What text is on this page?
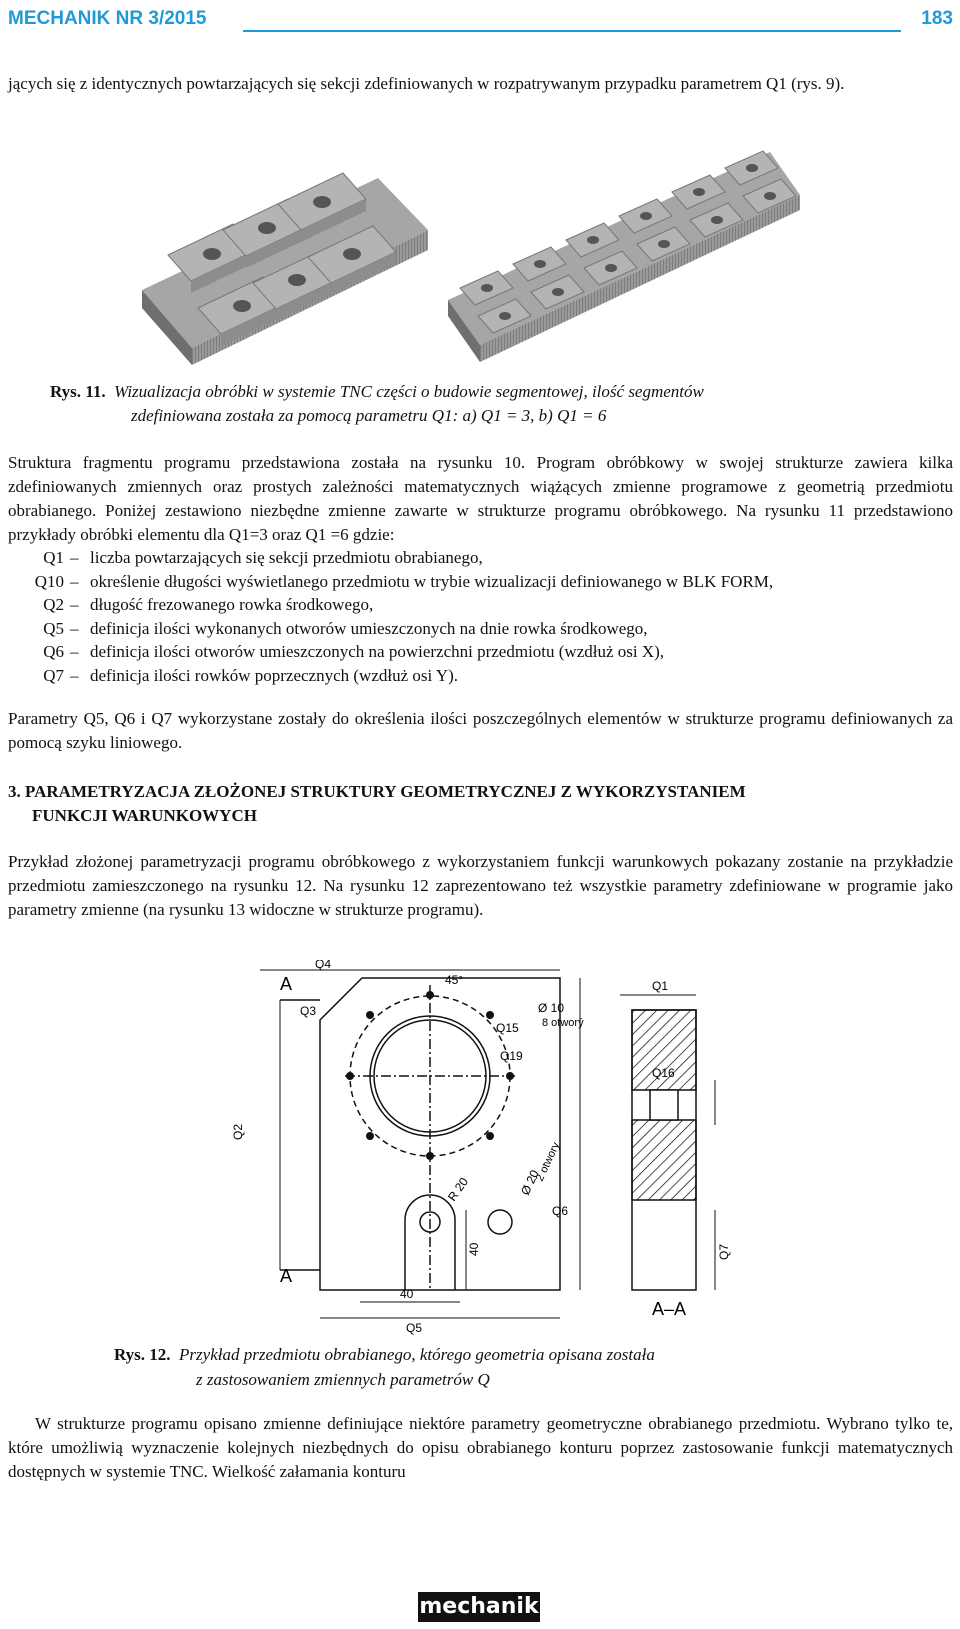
MECHANIK NR 3/2015	183

jących się z identycznych powtarzających się sekcji zdefiniowanych w rozpatrywanym przypadku parametrem Q1 (rys. 9).

Rys. 11. Wizualizacja obróbki w systemie TNC części o budowie segmentowej, ilość segmentów
zdefiniowana została za pomocą parametru Q1: a) Q1 = 3, b) Q1 = 6

Struktura fragmentu programu przedstawiona została na rysunku 10. Program obróbkowy w swojej strukturze zawiera kilka zdefiniowanych zmiennych oraz prostych zależności matematycznych wiążących zmienne programowe z geometrią przedmiotu obrabianego. Poniżej zestawiono niezbędne zmienne zawarte w strukturze programu obróbkowego. Na rysunku 11 przedstawiono przykłady obróbki elementu dla Q1=3 oraz Q1 =6 gdzie:

Q1 – liczba powtarzających się sekcji przedmiotu obrabianego,
Q10 – określenie długości wyświetlanego przedmiotu w trybie wizualizacji definiowanego w BLK FORM,
Q2 – długość frezowanego rowka środkowego,
Q5 – definicja ilości wykonanych otworów umieszczonych na dnie rowka środkowego,
Q6 – definicja ilości otworów umieszczonych na powierzchni przedmiotu (wzdłuż osi X),
Q7 – definicja ilości rowków poprzecznych (wzdłuż osi Y).

Parametry Q5, Q6 i Q7 wykorzystane zostały do określenia ilości poszczególnych elementów w strukturze programu definiowanych za pomocą szyku liniowego.

3. PARAMETRYZACJA ZŁOŻONEJ STRUKTURY GEOMETRYCZNEJ Z WYKORZYSTANIEM
FUNKCJI WARUNKOWYCH

Przykład złożonej parametryzacji programu obróbkowego z wykorzystaniem funkcji warunkowych pokazany zostanie na przykładzie przedmiotu zamieszczonego na rysunku 12. Na rysunku 12 zaprezentowano też wszystkie parametry zdefiniowane w programie jako parametry zmienne (na rysunku 13 widoczne w strukturze programu).

Q4
A
A
Q3
45°
Ø 10
8 otworý
Q15
Q19
Q2
Ø 20
2 otwory
R 20
Q6
40
40
Q5
Q1
Q16
Q7
A–A
Rys. 12. Przykład przedmiotu obrabianego, którego geometria opisana została
z zastosowaniem zmiennych parametrów Q

W strukturze programu opisano zmienne definiujące niektóre parametry geometryczne obrabianego przedmiotu. Wybrano tylko te, które umożliwią wyznaczenie kolejnych niezbędnych do opisu obrabianego konturu poprzez zastosowanie funkcji matematycznych dostępnych w systemie TNC. Wielkość załamania konturu

mechanik
